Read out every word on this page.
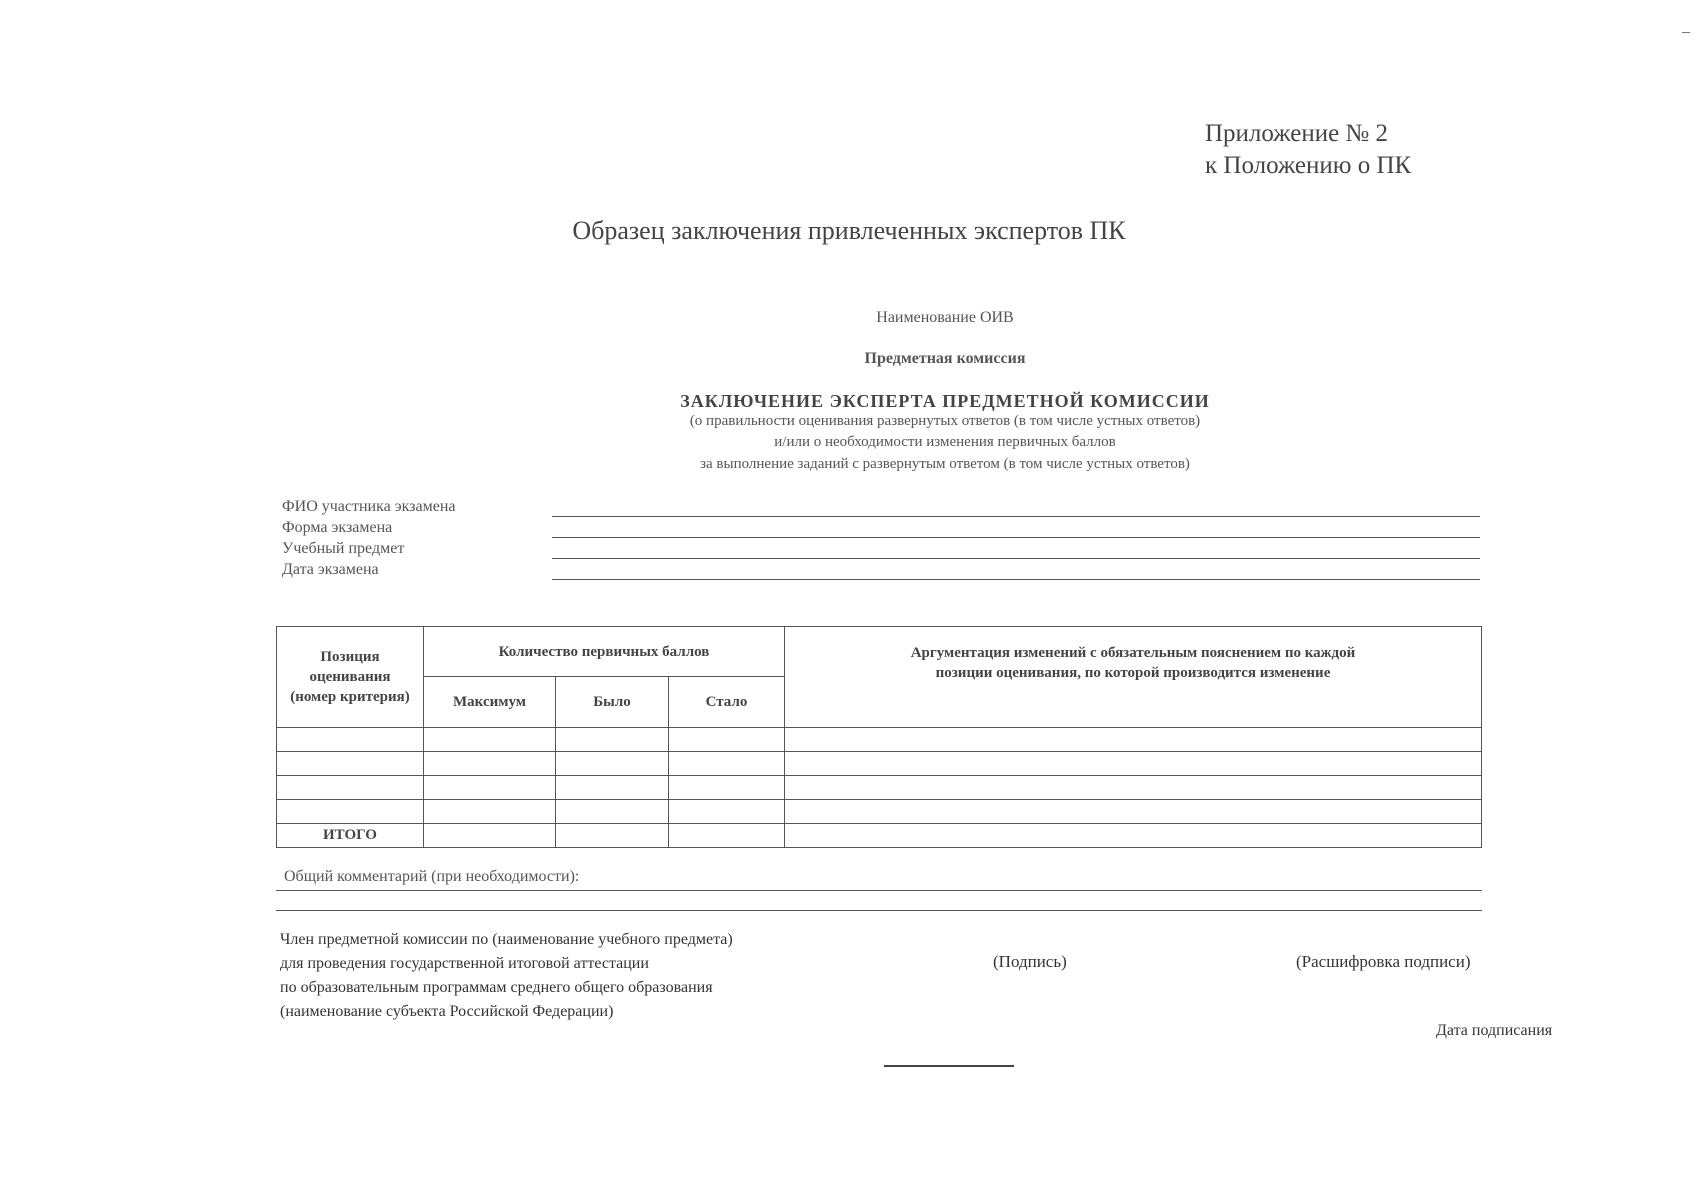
Приложение № 2
к Положению о ПК
Образец заключения привлеченных экспертов ПК
Наименование ОИВ
Предметная комиссия
ЗАКЛЮЧЕНИЕ ЭКСПЕРТА ПРЕДМЕТНОЙ КОМИССИИ
(о правильности оценивания развернутых ответов (в том числе устных ответов)
и/или о необходимости изменения первичных баллов
за выполнение заданий с развернутым ответом (в том числе устных ответов)
ФИО участника экзамена
Форма экзамена
Учебный предмет
Дата экзамена
Позиция оценивания (номер критерия)	Количество первичных баллов			Аргументация изменений с обязательным пояснением по каждой позиции оценивания, по которой производится изменение
	Максимум	Было	Стало	

ИТОГО				
Общий комментарий (при необходимости):
Член предметной комиссии по (наименование учебного предмета)
для проведения государственной итоговой аттестации
по образовательным программам среднего общего образования
(наименование субъекта Российской Федерации)
(Подпись)	(Расшифровка подписи)
Дата подписания
